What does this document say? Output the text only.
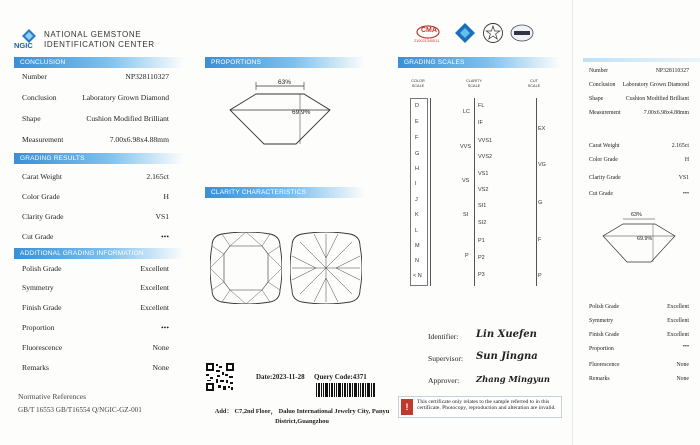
NGIC
NATIONAL GEMSTONE
IDENTIFICATION CENTER
CONCLUSION
Number	NP328110327
Conclusion	Laboratory Grown Diamond
Shape	Cushion Modified Brilliant
Measurement	7.00x6.98x4.88mm
GRADING RESULTS
Carat Weight	2.165ct
Color Grade	H
Clarity Grade	VS1
Cut Grade	•••
ADDITIONAL GRADING INFORMATION
Polish Grade	Excellent
Symmetry	Excellent
Finish Grade	Excellent
Proportion	•••
Fluorescence	None
Remarks	None
Normative References
GB/T 16553 GB/T16554 Q/NGIC-GZ-001
PROPORTIONS
63%
69.9%
CLARITY CHARACTERISTICS
Date:2023-11-28 Query Code:4371
Add： C7,2nd Floor， Daluo International Jewelry City, Panyu District,Guangzhou
CMA
210021340011
GRADING SCALES
COLOR SCALE
CLARITY SCALE
CUT SCALE
D
E
F
G
H
I
J
K
L
M
N
< N
LC
VVS
VS
SI
P
FL
IF
VVS1
VVS2
VS1
VS2
SI1
SI2
P1
P2
P3
EX
VG
G
F
P
Identifier: Lin Xuefen
Supervisor: Sun Jingna
Approver: Zhang Mingyun
!	This certificate only relates to the sample referred to in this certificate. Photocopy, reproduction and alteration are invalid.
Number	NP328110327
Conclusion Laboratory Grown Diamond
Shape	Cushion Modified Brilliant
Measurement	7.00x6.98x4.88mm
Carat Weight	2.165ct
Color Grade	H
Clarity Grade	VS1
Cut Grade	•••
63%
69.9%
Polish Grade	Excellent
Symmetry	Excellent
Finish Grade	Excellent
Proportion	•••
Fluorescence	None
Remarks	None
